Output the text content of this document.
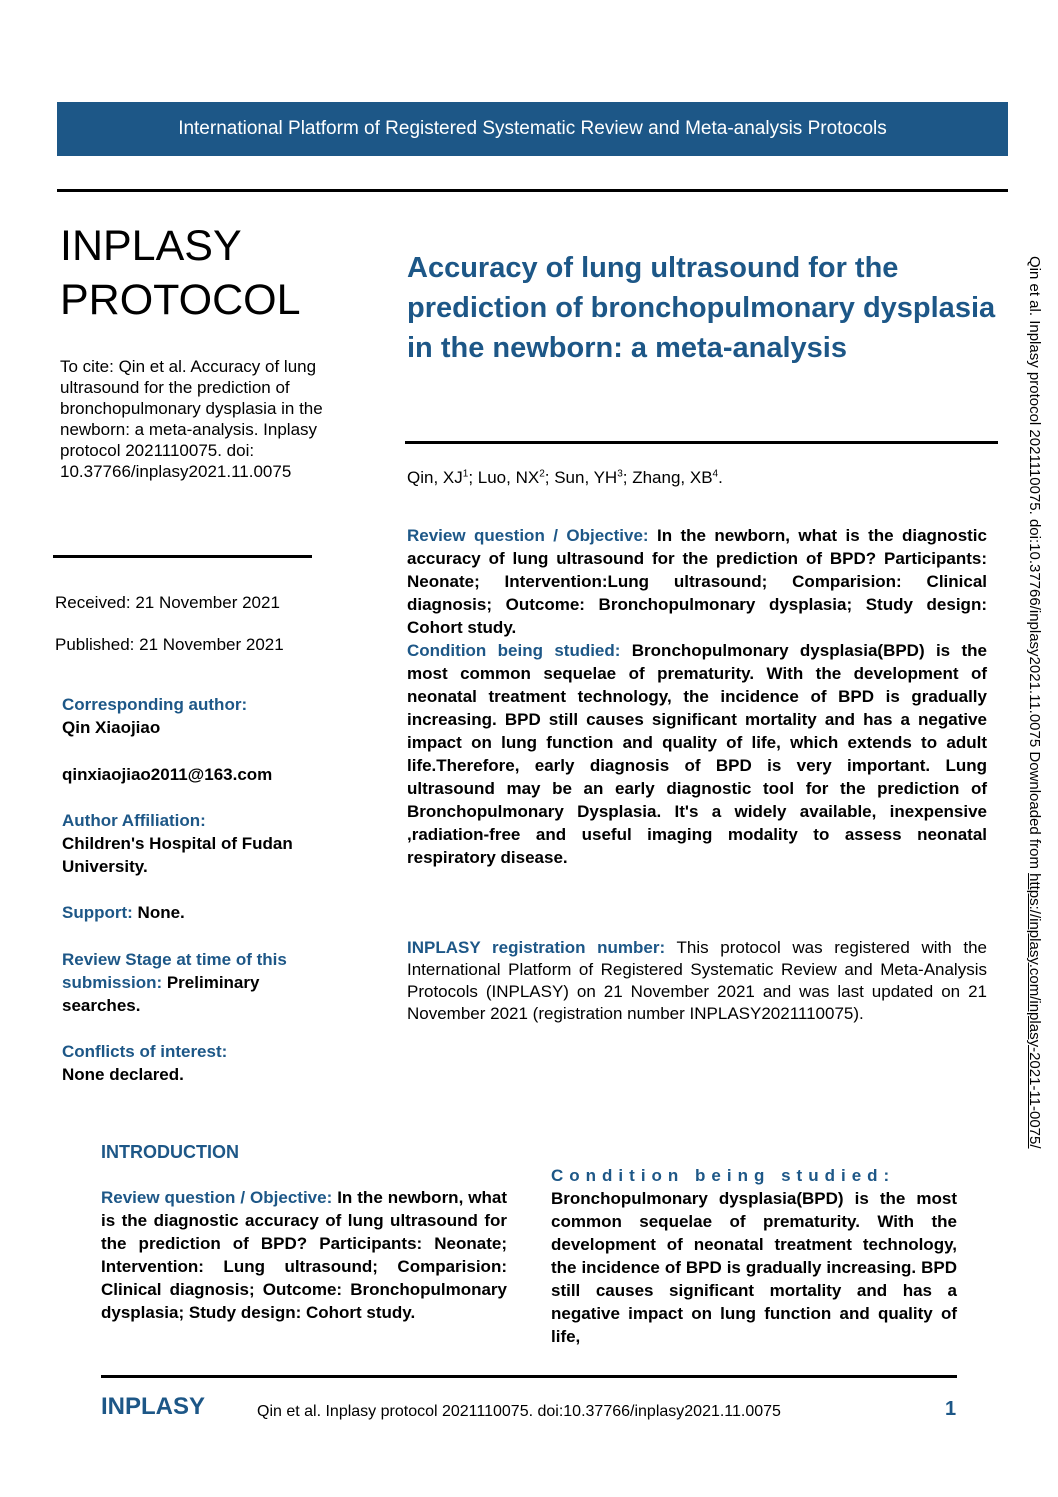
International Platform of Registered Systematic Review and Meta-analysis Protocols
INPLASY
PROTOCOL
To cite: Qin et al. Accuracy of lung ultrasound for the prediction of bronchopulmonary dysplasia in the newborn: a meta-analysis. Inplasy protocol 2021110075. doi: 10.37766/inplasy2021.11.0075
Received: 21 November 2021
Published: 21 November 2021
Corresponding author:
Qin Xiaojiao
qinxiaojiao2011@163.com
Author Affiliation:
Children's Hospital of Fudan University.
Support: None.
Review Stage at time of this submission: Preliminary searches.
Conflicts of interest:
None declared.
Accuracy of lung ultrasound for the prediction of bronchopulmonary dysplasia in the newborn: a meta-analysis
Qin, $XJ^1$; Luo, $NX^2$; Sun, $YH^3$; Zhang, $XB^4$.
Review question / Objective: In the newborn, what is the diagnostic accuracy of lung ultrasound for the prediction of BPD? Participants: Neonate; Intervention:Lung ultrasound; Comparision: Clinical diagnosis; Outcome: Bronchopulmonary dysplasia; Study design: Cohort study.
Condition being studied: Bronchopulmonary dysplasia(BPD) is the most common sequelae of prematurity. With the development of neonatal treatment technology, the incidence of BPD is gradually increasing. BPD still causes significant mortality and has a negative impact on lung function and quality of life, which extends to adult life.Therefore, early diagnosis of BPD is very important. Lung ultrasound may be an early diagnostic tool for the prediction of Bronchopulmonary Dysplasia. It's a widely available, inexpensive ,radiation-free and useful imaging modality to assess neonatal respiratory disease.
INPLASY registration number: This protocol was registered with the International Platform of Registered Systematic Review and Meta-Analysis Protocols (INPLASY) on 21 November 2021 and was last updated on 21 November 2021 (registration number INPLASY2021110075).
INTRODUCTION
Review question / Objective: In the newborn, what is the diagnostic accuracy of lung ultrasound for the prediction of BPD? Participants: Neonate; Intervention: Lung ultrasound; Comparision: Clinical diagnosis; Outcome: Bronchopulmonary dysplasia; Study design: Cohort study.
Condition being studied:
Bronchopulmonary dysplasia(BPD) is the most common sequelae of prematurity. With the development of neonatal treatment technology, the incidence of BPD is gradually increasing. BPD still causes significant mortality and has a negative impact on lung function and quality of life,
INPLASY	Qin et al. Inplasy protocol 2021110075. doi:10.37766/inplasy2021.11.0075	1
Qin et al. Inplasy protocol 2021110075. doi:10.37766/inplasy2021.11.0075 Downloaded from https://inplasy.com/inplasy-2021-11-0075/
